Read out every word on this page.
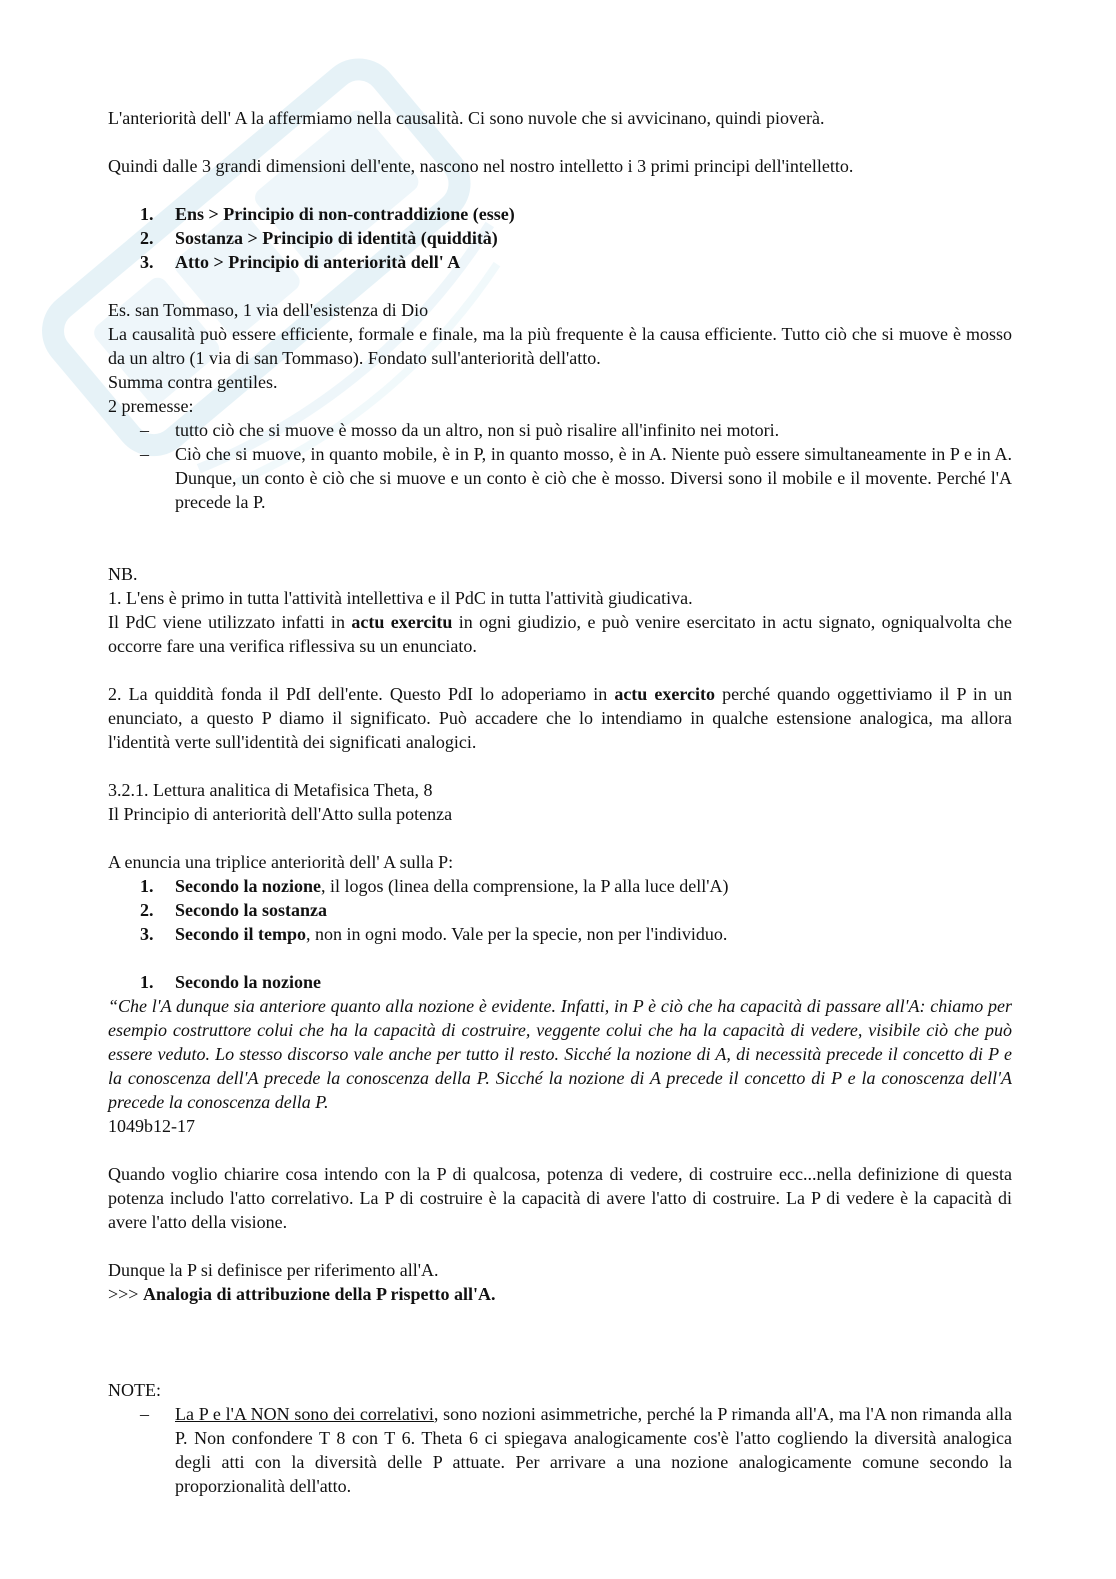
L'anteriorità dell' A la affermiamo nella causalità. Ci sono nuvole che si avvicinano, quindi pioverà.

Quindi dalle 3 grandi dimensioni dell'ente, nascono nel nostro intelletto i 3 primi principi dell'intelletto.

1. Ens > Principio di non-contraddizione (esse)
2. Sostanza > Principio di identità (quiddità)
3. Atto > Principio di anteriorità dell' A

Es. san Tommaso, 1 via dell'esistenza di Dio

La causalità può essere efficiente, formale e finale, ma la più frequente è la causa efficiente. Tutto ciò che si muove è mosso da un altro (1 via di san Tommaso). Fondato sull'anteriorità dell'atto.

Summa contra gentiles.

2 premesse:

– tutto ciò che si muove è mosso da un altro, non si può risalire all'infinito nei motori.
– Ciò che si muove, in quanto mobile, è in P, in quanto mosso, è in A. Niente può essere simultaneamente in P e in A. Dunque, un conto è ciò che si muove e un conto è ciò che è mosso. Diversi sono il mobile e il movente. Perché l'A precede la P.

NB.

1. L'ens è primo in tutta l'attività intellettiva e il PdC in tutta l'attività giudicativa.

Il PdC viene utilizzato infatti in actu exercitu in ogni giudizio, e può venire esercitato in actu signato, ogniqualvolta che occorre fare una verifica riflessiva su un enunciato.

2. La quiddità fonda il PdI dell'ente. Questo PdI lo adoperiamo in actu exercito perché quando oggettiviamo il P in un enunciato, a questo P diamo il significato. Può accadere che lo intendiamo in qualche estensione analogica, ma allora l'identità verte sull'identità dei significati analogici.

3.2.1. Lettura analitica di Metafisica Theta, 8

Il Principio di anteriorità dell'Atto sulla potenza

A enuncia una triplice anteriorità dell' A sulla P:

1. Secondo la nozione, il logos (linea della comprensione, la P alla luce dell'A)
2. Secondo la sostanza
3. Secondo il tempo, non in ogni modo. Vale per la specie, non per l'individuo.
1. Secondo la nozione

“Che l'A dunque sia anteriore quanto alla nozione è evidente. Infatti, in P è ciò che ha capacità di passare all'A: chiamo per esempio costruttore colui che ha la capacità di costruire, veggente colui che ha la capacità di vedere, visibile ciò che può essere veduto. Lo stesso discorso vale anche per tutto il resto. Sicché la nozione di A, di necessità precede il concetto di P e la conoscenza dell'A precede la conoscenza della P. Sicché la nozione di A precede il concetto di P e la conoscenza dell'A precede la conoscenza della P.

1049b12-17

Quando voglio chiarire cosa intendo con la P di qualcosa, potenza di vedere, di costruire ecc...nella definizione di questa potenza includo l'atto correlativo. La P di costruire è la capacità di avere l'atto di costruire. La P di vedere è la capacità di avere l'atto della visione.

Dunque la P si definisce per riferimento all'A.

>>> Analogia di attribuzione della P rispetto all'A.

NOTE:

– La P e l'A NON sono dei correlativi, sono nozioni asimmetriche, perché la P rimanda all'A, ma l'A non rimanda alla P. Non confondere T 8 con T 6. Theta 6 ci spiegava analogicamente cos'è l'atto cogliendo la diversità analogica degli atti con la diversità delle P attuate. Per arrivare a una nozione analogicamente comune secondo la proporzionalità dell'atto.
